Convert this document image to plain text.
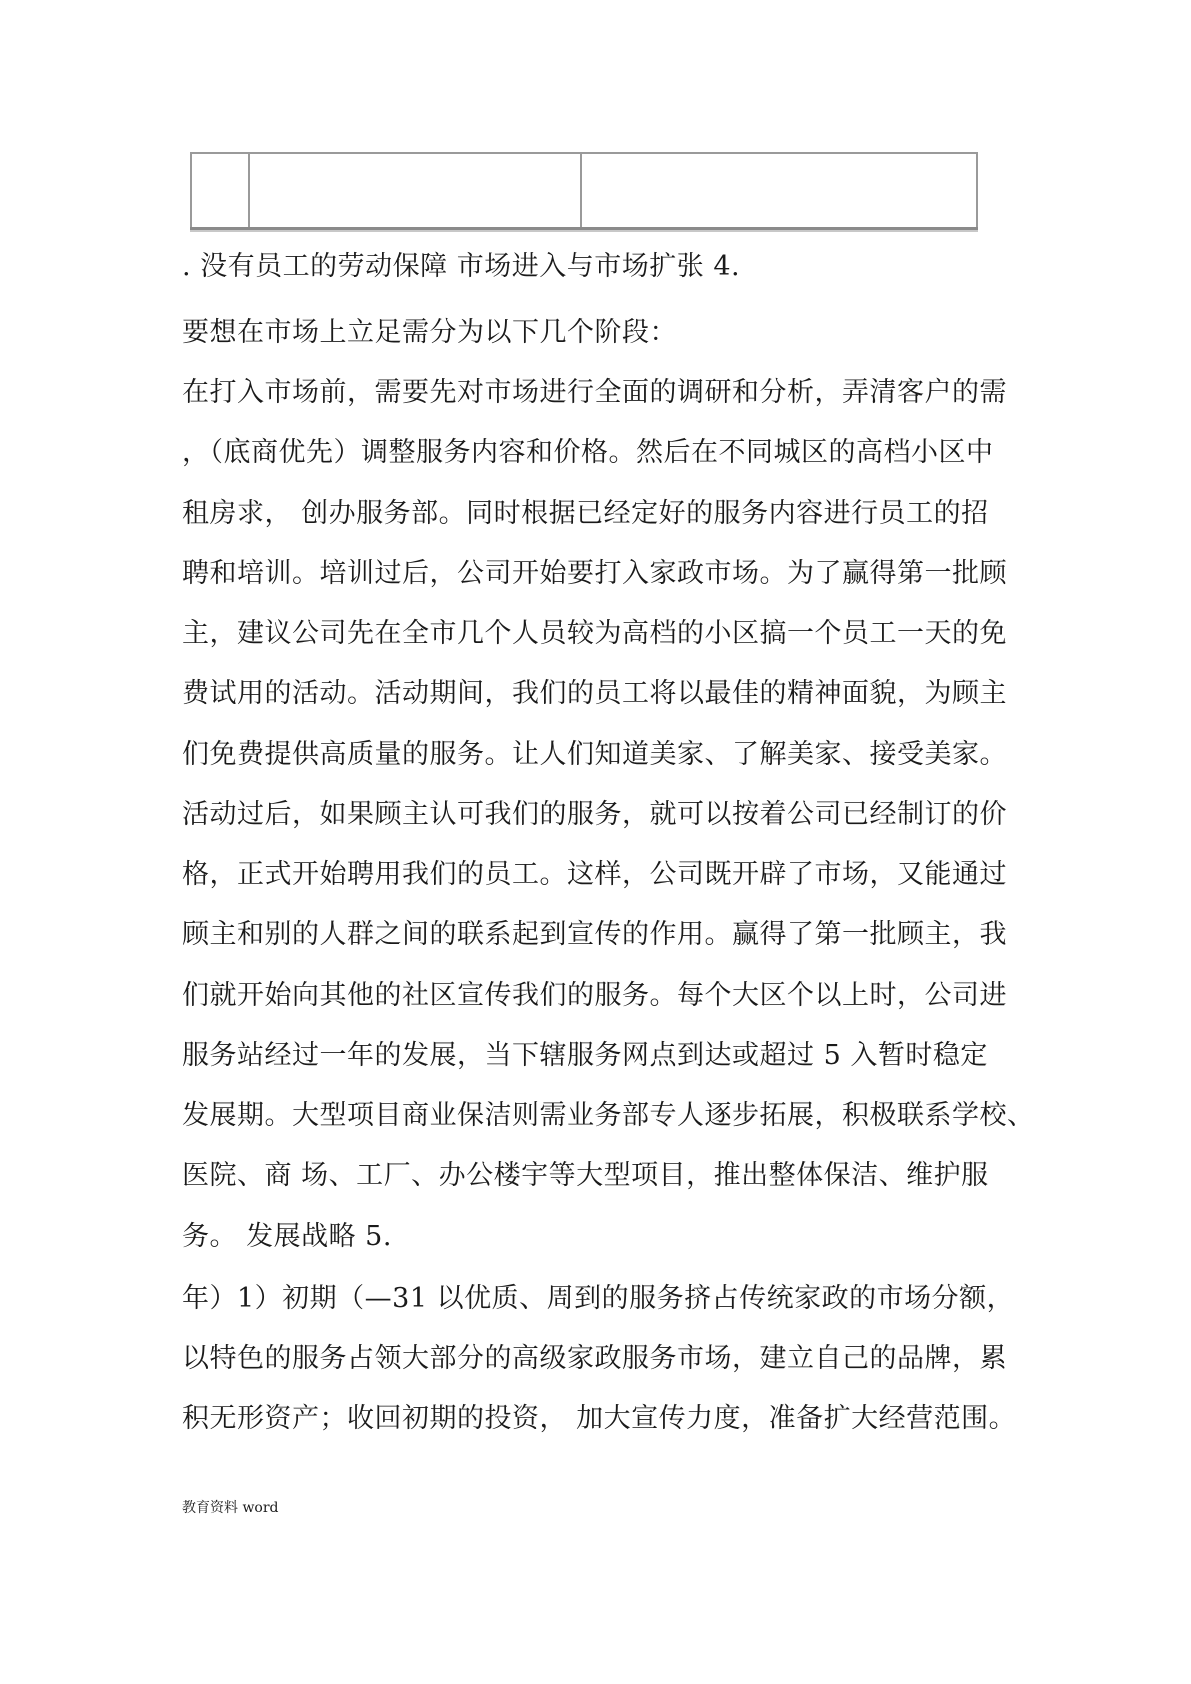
. 没有员工的劳动保障 市场进入与市场扩张 4.
要想在市场上立足需分为以下几个阶段：
在打入市场前，需要先对市场进行全面的调研和分析，弄清客户的需
，（底商优先）调整服务内容和价格。然后在不同城区的高档小区中
租房求， 创办服务部。同时根据已经定好的服务内容进行员工的招
聘和培训。培训过后，公司开始要打入家政市场。为了赢得第一批顾
主，建议公司先在全市几个人员较为高档的小区搞一个员工一天的免
费试用的活动。活动期间，我们的员工将以最佳的精神面貌，为顾主
们免费提供高质量的服务。让人们知道美家、了解美家、接受美家。
活动过后，如果顾主认可我们的服务，就可以按着公司已经制订的价
格，正式开始聘用我们的员工。这样，公司既开辟了市场，又能通过
顾主和别的人群之间的联系起到宣传的作用。赢得了第一批顾主，我
们就开始向其他的社区宣传我们的服务。每个大区个以上时，公司进
服务站经过一年的发展，当下辖服务网点到达或超过 5 入暂时稳定
发展期。大型项目商业保洁则需业务部专人逐步拓展，积极联系学校、
医院、商 场、工厂、办公楼宇等大型项目，推出整体保洁、维护服
务。 发展战略 5.
年）1）初期（—31 以优质、周到的服务挤占传统家政的市场分额，
以特色的服务占领大部分的高级家政服务市场，建立自己的品牌，累
积无形资产；收回初期的投资， 加大宣传力度，准备扩大经营范围。
教育资料 word
